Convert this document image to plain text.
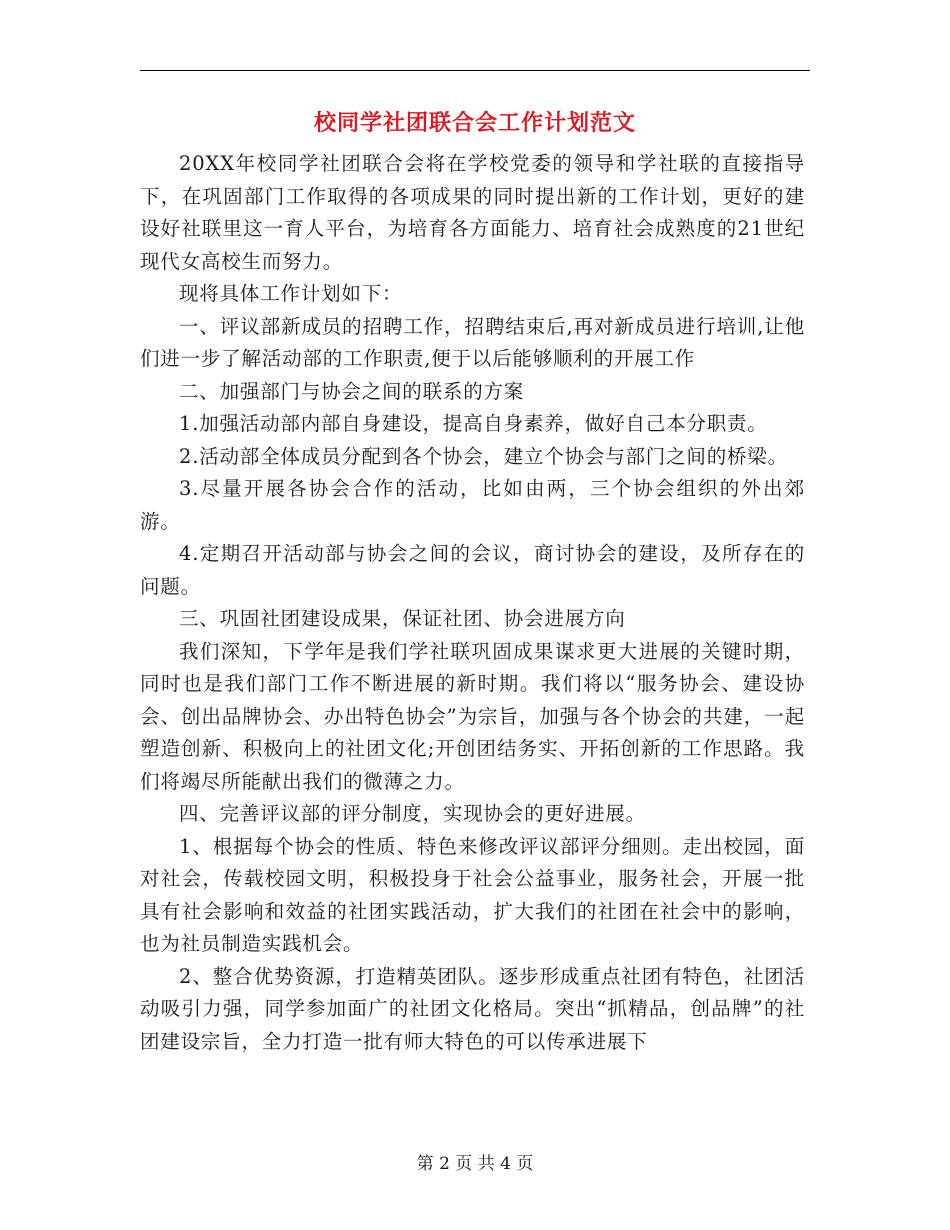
校同学社团联合会工作计划范文

20XX年校同学社团联合会将在学校党委的领导和学社联的直接指导下，在巩固部门工作取得的各项成果的同时提出新的工作计划，更好的建设好社联里这一育人平台，为培育各方面能力、培育社会成熟度的21世纪现代女高校生而努力。

现将具体工作计划如下：

一、评议部新成员的招聘工作，招聘结束后,再对新成员进行培训,让他们进一步了解活动部的工作职责,便于以后能够顺利的开展工作

二、加强部门与协会之间的联系的方案

1.加强活动部内部自身建设，提高自身素养，做好自己本分职责。

2.活动部全体成员分配到各个协会，建立个协会与部门之间的桥梁。

3.尽量开展各协会合作的活动，比如由两，三个协会组织的外出郊游。

4.定期召开活动部与协会之间的会议，商讨协会的建设，及所存在的问题。

三、巩固社团建设成果，保证社团、协会进展方向

我们深知，下学年是我们学社联巩固成果谋求更大进展的关键时期，同时也是我们部门工作不断进展的新时期。我们将以“服务协会、建设协会、创出品牌协会、办出特色协会”为宗旨，加强与各个协会的共建，一起塑造创新、积极向上的社团文化;开创团结务实、开拓创新的工作思路。我们将竭尽所能献出我们的微薄之力。

四、完善评议部的评分制度，实现协会的更好进展。

1、根据每个协会的性质、特色来修改评议部评分细则。走出校园，面对社会，传载校园文明，积极投身于社会公益事业，服务社会，开展一批具有社会影响和效益的社团实践活动，扩大我们的社团在社会中的影响，也为社员制造实践机会。

2、整合优势资源，打造精英团队。逐步形成重点社团有特色，社团活动吸引力强，同学参加面广的社团文化格局。突出“抓精品，创品牌”的社团建设宗旨，全力打造一批有师大特色的可以传承进展下

第 2 页 共 4 页
